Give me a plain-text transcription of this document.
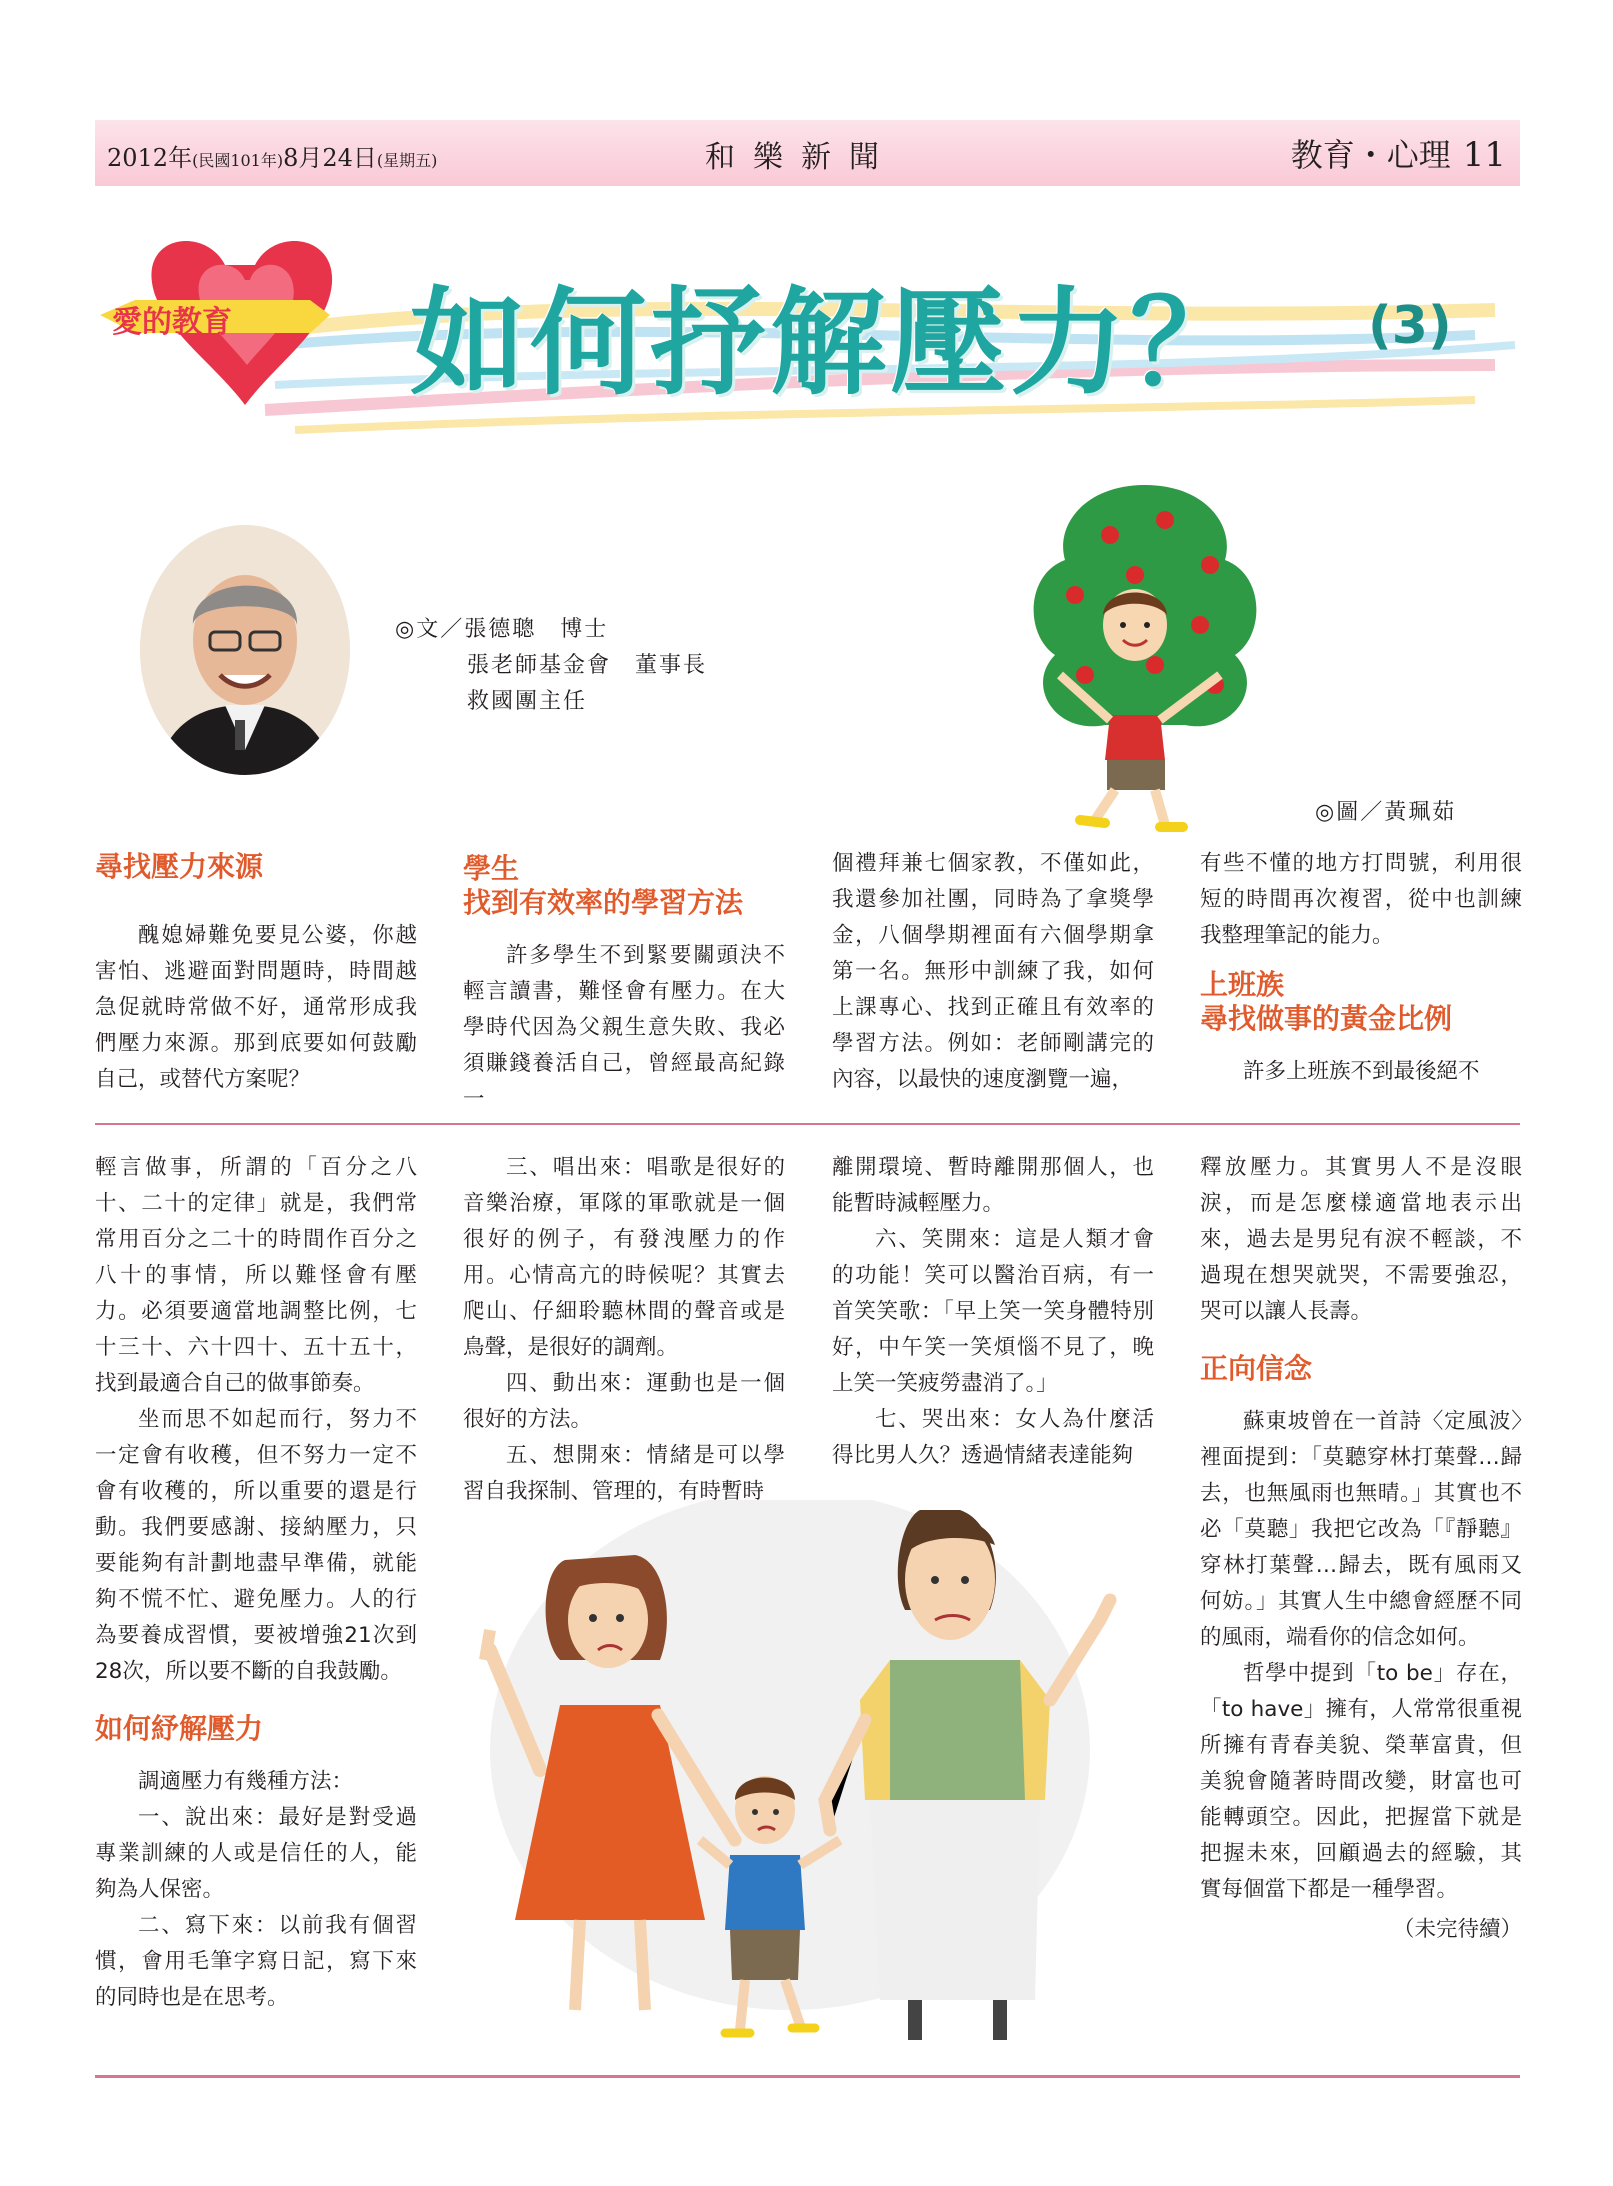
2012年(民國101年)8月24日(星期五)	和樂新聞	教育・心理 11
愛的教育 如何抒解壓力？ (3)
◎文／張德聰　博士
張老師基金會　董事長
救國團主任
◎圖／黃珮茹
尋找壓力來源

醜媳婦難免要見公婆，你越害怕、逃避面對問題時，時間越急促就時常做不好，通常形成我們壓力來源。那到底要如何鼓勵自己，或替代方案呢？

學生
找到有效率的學習方法

許多學生不到緊要關頭決不輕言讀書，難怪會有壓力。在大學時代因為父親生意失敗、我必須賺錢養活自己，曾經最高紀錄一

個禮拜兼七個家教，不僅如此，我還參加社團，同時為了拿獎學金，八個學期裡面有六個學期拿第一名。無形中訓練了我，如何上課專心、找到正確且有效率的學習方法。例如：老師剛講完的內容，以最快的速度瀏覽一遍，

有些不懂的地方打問號，利用很短的時間再次複習，從中也訓練我整理筆記的能力。

上班族
尋找做事的黃金比例

許多上班族不到最後絕不

輕言做事，所謂的「百分之八十、二十的定律」就是，我們常常用百分之二十的時間作百分之八十的事情，所以難怪會有壓力。必須要適當地調整比例，七十三十、六十四十、五十五十，找到最適合自己的做事節奏。

坐而思不如起而行，努力不一定會有收穫，但不努力一定不會有收穫的，所以重要的還是行動。我們要感謝、接納壓力，只要能夠有計劃地盡早準備，就能夠不慌不忙、避免壓力。人的行為要養成習慣，要被增強21次到28次，所以要不斷的自我鼓勵。

如何紓解壓力

調適壓力有幾種方法：

一、說出來：最好是對受過專業訓練的人或是信任的人，能夠為人保密。

二、寫下來：以前我有個習慣，會用毛筆字寫日記，寫下來的同時也是在思考。

三、唱出來：唱歌是很好的音樂治療，軍隊的軍歌就是一個很好的例子，有發洩壓力的作用。心情高亢的時候呢？其實去爬山、仔細聆聽林間的聲音或是鳥聲，是很好的調劑。

四、動出來：運動也是一個很好的方法。

五、想開來：情緒是可以學習自我探制、管理的，有時暫時

離開環境、暫時離開那個人，也能暫時減輕壓力。

六、笑開來：這是人類才會的功能！笑可以醫治百病，有一首笑笑歌：「早上笑一笑身體特別好，中午笑一笑煩惱不見了，晚上笑一笑疲勞盡消了。」

七、哭出來：女人為什麼活得比男人久？透過情緒表達能夠

釋放壓力。其實男人不是沒眼淚，而是怎麼樣適當地表示出來，過去是男兒有淚不輕談，不過現在想哭就哭，不需要強忍，哭可以讓人長壽。

正向信念

蘇東坡曾在一首詩〈定風波〉裡面提到：「莫聽穿林打葉聲…歸去，也無風雨也無晴。」其實也不必「莫聽」我把它改為「『靜聽』穿林打葉聲…歸去，既有風雨又何妨。」其實人生中總會經歷不同的風雨，端看你的信念如何。

哲學中提到「to be」存在，「to have」擁有，人常常很重視所擁有青春美貌、榮華富貴，但美貌會隨著時間改變，財富也可能轉頭空。因此，把握當下就是把握未來，回顧過去的經驗，其實每個當下都是一種學習。

（未完待續）
